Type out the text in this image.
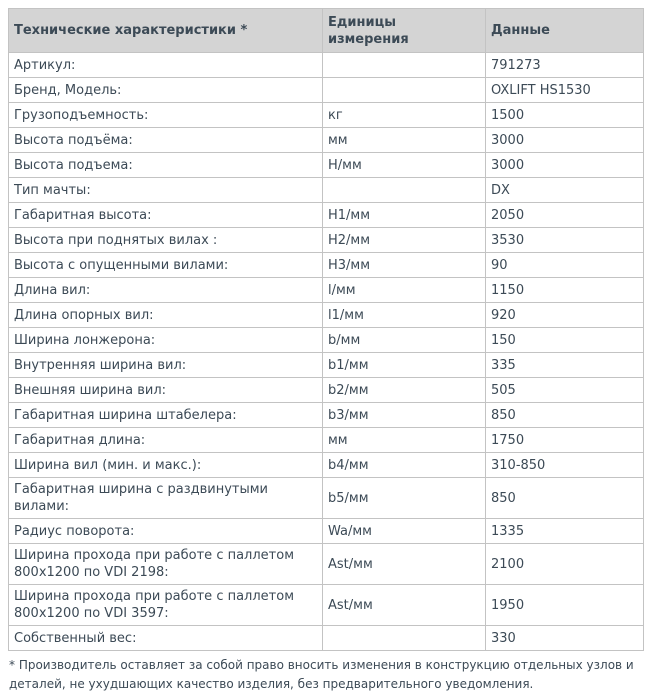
Технические характеристики *	Единицы измерения	Данные
Артикул:		791273
Бренд, Модель:		OXLIFT HS1530
Грузоподъемность:	кг	1500
Высота подъёма:	мм	3000
Высота подъема:	H/мм	3000
Тип мачты:		DX
Габаритная высота:	H1/мм	2050
Высота при поднятых вилах :	H2/мм	3530
Высота с опущенными вилами:	H3/мм	90
Длина вил:	l/мм	1150
Длина опорных вил:	l1/мм	920
Ширина лонжерона:	b/мм	150
Внутренняя ширина вил:	b1/мм	335
Внешняя ширина вил:	b2/мм	505
Габаритная ширина штабелера:	b3/мм	850
Габаритная длина:	мм	1750
Ширина вил (мин. и макс.):	b4/мм	310-850
Габаритная ширина с раздвинутыми вилами:	b5/мм	850
Радиус поворота:	Wa/мм	1335
Ширина прохода при работе с паллетом 800х1200 по VDI 2198:	Ast/мм	2100
Ширина прохода при работе с паллетом 800х1200 по VDI 3597:	Ast/мм	1950
Собственный вес:		330

* Производитель оставляет за собой право вносить изменения в конструкцию отдельных узлов и деталей, не ухудшающих качество изделия, без предварительного уведомления.
